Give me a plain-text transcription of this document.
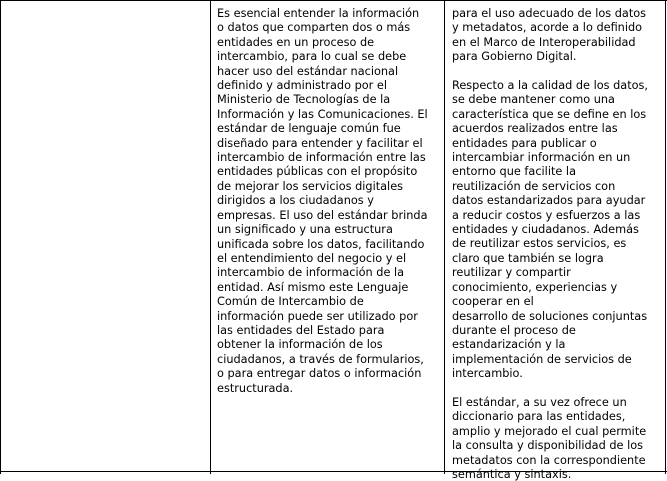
Es esencial entender la información

o datos que comparten dos o más

entidades en un proceso de

intercambio, para lo cual se debe

hacer uso del estándar nacional

definido y administrado por el

Ministerio de Tecnologías de la

Información y las Comunicaciones. El

estándar de lenguaje común fue

diseñado para entender y facilitar el

intercambio de información entre las

entidades públicas con el propósito

de mejorar los servicios digitales

dirigidos a los ciudadanos y

empresas. El uso del estándar brinda

un significado y una estructura

unificada sobre los datos, facilitando

el entendimiento del negocio y el

intercambio de información de la

entidad. Así mismo este Lenguaje

Común de Intercambio de

información puede ser utilizado por

las entidades del Estado para

obtener la información de los

ciudadanos, a través de formularios,

o para entregar datos o información

estructurada.

para el uso adecuado de los datos

y metadatos, acorde a lo definido

en el Marco de Interoperabilidad

para Gobierno Digital.

Respecto a la calidad de los datos,

se debe mantener como una

característica que se define en los

acuerdos realizados entre las

entidades para publicar o

intercambiar información en un

entorno que facilite la

reutilización de servicios con

datos estandarizados para ayudar

a reducir costos y esfuerzos a las

entidades y ciudadanos. Además

de reutilizar estos servicios, es

claro que también se logra

reutilizar y compartir

conocimiento, experiencias y

cooperar en el

desarrollo de soluciones conjuntas

durante el proceso de

estandarización y la

implementación de servicios de

intercambio.

El estándar, a su vez ofrece un

diccionario para las entidades,

amplio y mejorado el cual permite

la consulta y disponibilidad de los

metadatos con la correspondiente

semántica y sintaxis.
